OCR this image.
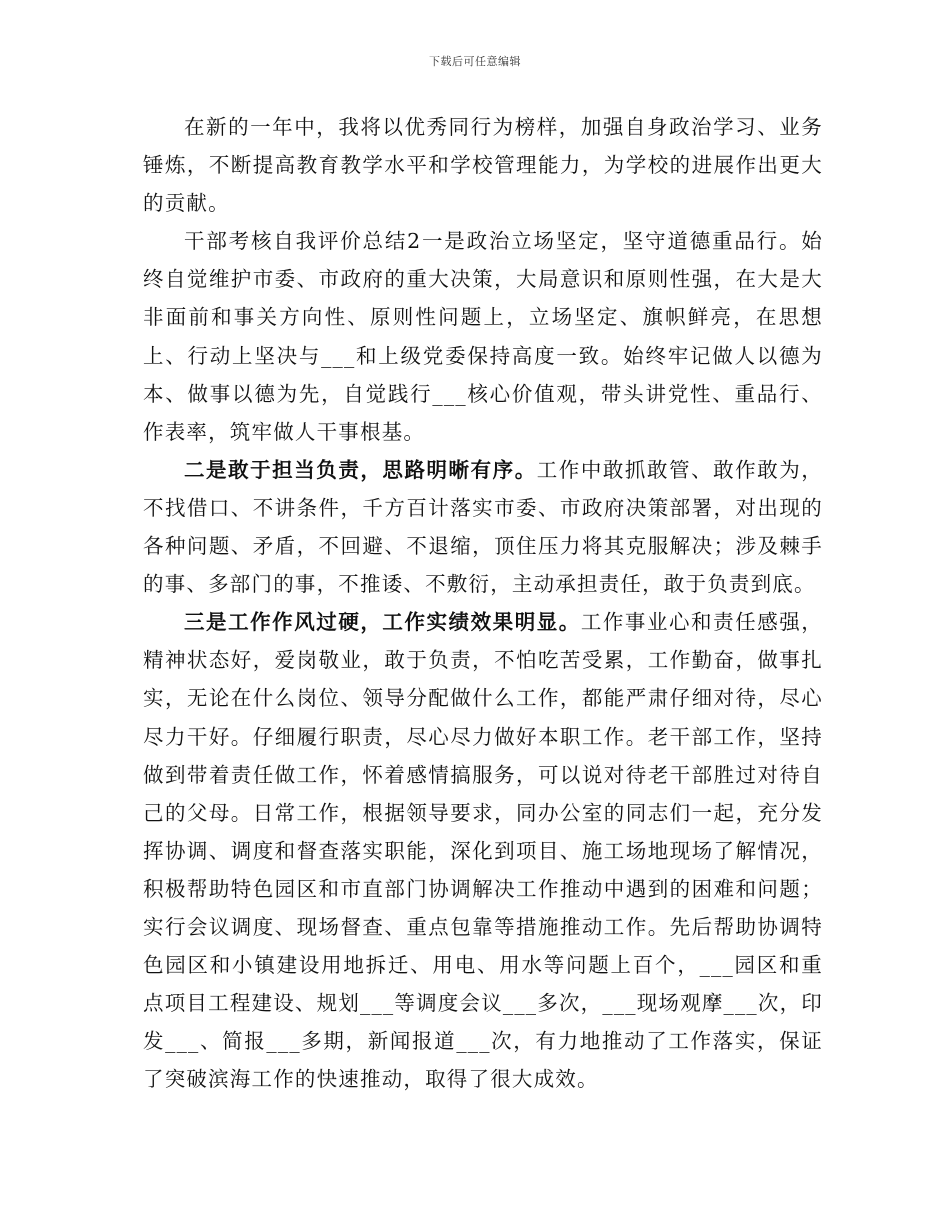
下载后可任意编辑

在新的一年中，我将以优秀同行为榜样，加强自身政治学习、业务锤炼，不断提高教育教学水平和学校管理能力，为学校的进展作出更大的贡献。

干部考核自我评价总结2一是政治立场坚定，坚守道德重品行。始终自觉维护市委、市政府的重大决策，大局意识和原则性强，在大是大非面前和事关方向性、原则性问题上，立场坚定、旗帜鲜亮，在思想上、行动上坚决与___和上级党委保持高度一致。始终牢记做人以德为本、做事以德为先，自觉践行___核心价值观，带头讲党性、重品行、作表率，筑牢做人干事根基。

二是敢于担当负责，思路明晰有序。工作中敢抓敢管、敢作敢为，不找借口、不讲条件，千方百计落实市委、市政府决策部署，对出现的各种问题、矛盾，不回避、不退缩，顶住压力将其克服解决；涉及棘手的事、多部门的事，不推诿、不敷衍，主动承担责任，敢于负责到底。

三是工作作风过硬，工作实绩效果明显。工作事业心和责任感强，精神状态好，爱岗敬业，敢于负责，不怕吃苦受累，工作勤奋，做事扎实，无论在什么岗位、领导分配做什么工作，都能严肃仔细对待，尽心尽力干好。仔细履行职责，尽心尽力做好本职工作。老干部工作，坚持做到带着责任做工作，怀着感情搞服务，可以说对待老干部胜过对待自己的父母。日常工作，根据领导要求，同办公室的同志们一起，充分发挥协调、调度和督查落实职能，深化到项目、施工场地现场了解情况，积极帮助特色园区和市直部门协调解决工作推动中遇到的困难和问题；实行会议调度、现场督查、重点包靠等措施推动工作。先后帮助协调特色园区和小镇建设用地拆迁、用电、用水等问题上百个，___园区和重点项目工程建设、规划___等调度会议___多次，___现场观摩___次，印发___、简报___多期，新闻报道___次，有力地推动了工作落实，保证了突破滨海工作的快速推动，取得了很大成效。
